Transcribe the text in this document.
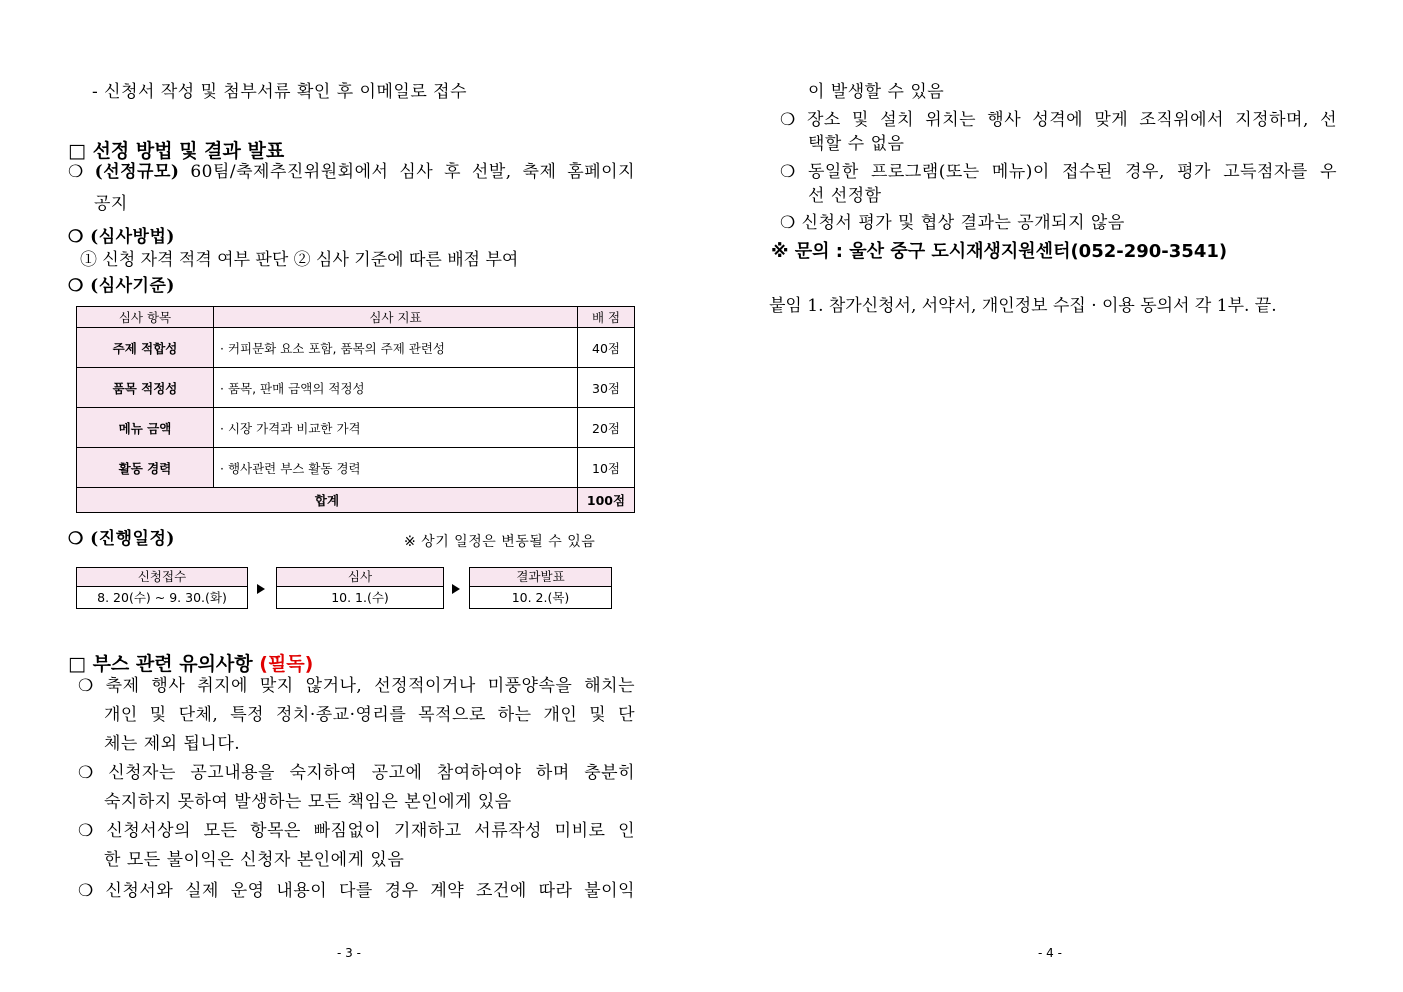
- 신청서 작성 및 첨부서류 확인 후 이메일로 접수
□ 선정 방법 및 결과 발표
❍ (선정규모) 60팀/축제추진위원회에서 심사 후 선발, 축제 홈페이지
공지
❍ (심사방법)
① 신청 자격 적격 여부 판단 ② 심사 기준에 따른 배점 부여
❍ (심사기준)
심사 항목	심사 지표	배 점
주제 적합성	· 커피문화 요소 포함, 품목의 주제 관련성	40점
품목 적정성	· 품목, 판매 금액의 적정성	30점
메뉴 금액	· 시장 가격과 비교한 가격	20점
활동 경력	· 행사관련 부스 활동 경력	10점
합계		100점
❍ (진행일정)	※ 상기 일정은 변동될 수 있음
신청접수
8. 20(수) ~ 9. 30.(화)
심사
10. 1.(수)
결과발표
10. 2.(목)
□ 부스 관련 유의사항 (필독)
❍ 축제 행사 취지에 맞지 않거나, 선정적이거나 미풍양속을 해치는
개인 및 단체, 특정 정치·종교·영리를 목적으로 하는 개인 및 단
체는 제외 됩니다.
❍ 신청자는 공고내용을 숙지하여 공고에 참여하여야 하며 충분히
숙지하지 못하여 발생하는 모든 책임은 본인에게 있음
❍ 신청서상의 모든 항목은 빠짐없이 기재하고 서류작성 미비로 인
한 모든 불이익은 신청자 본인에게 있음
❍ 신청서와 실제 운영 내용이 다를 경우 계약 조건에 따라 불이익
- 3 -
이 발생할 수 있음
❍ 장소 및 설치 위치는 행사 성격에 맞게 조직위에서 지정하며, 선
택할 수 없음
❍ 동일한 프로그램(또는 메뉴)이 접수된 경우, 평가 고득점자를 우
선 선정함
❍ 신청서 평가 및 협상 결과는 공개되지 않음
※ 문의 : 울산 중구 도시재생지원센터(052-290-3541)
붙임 1. 참가신청서, 서약서, 개인정보 수집 · 이용 동의서 각 1부. 끝.
- 4 -
